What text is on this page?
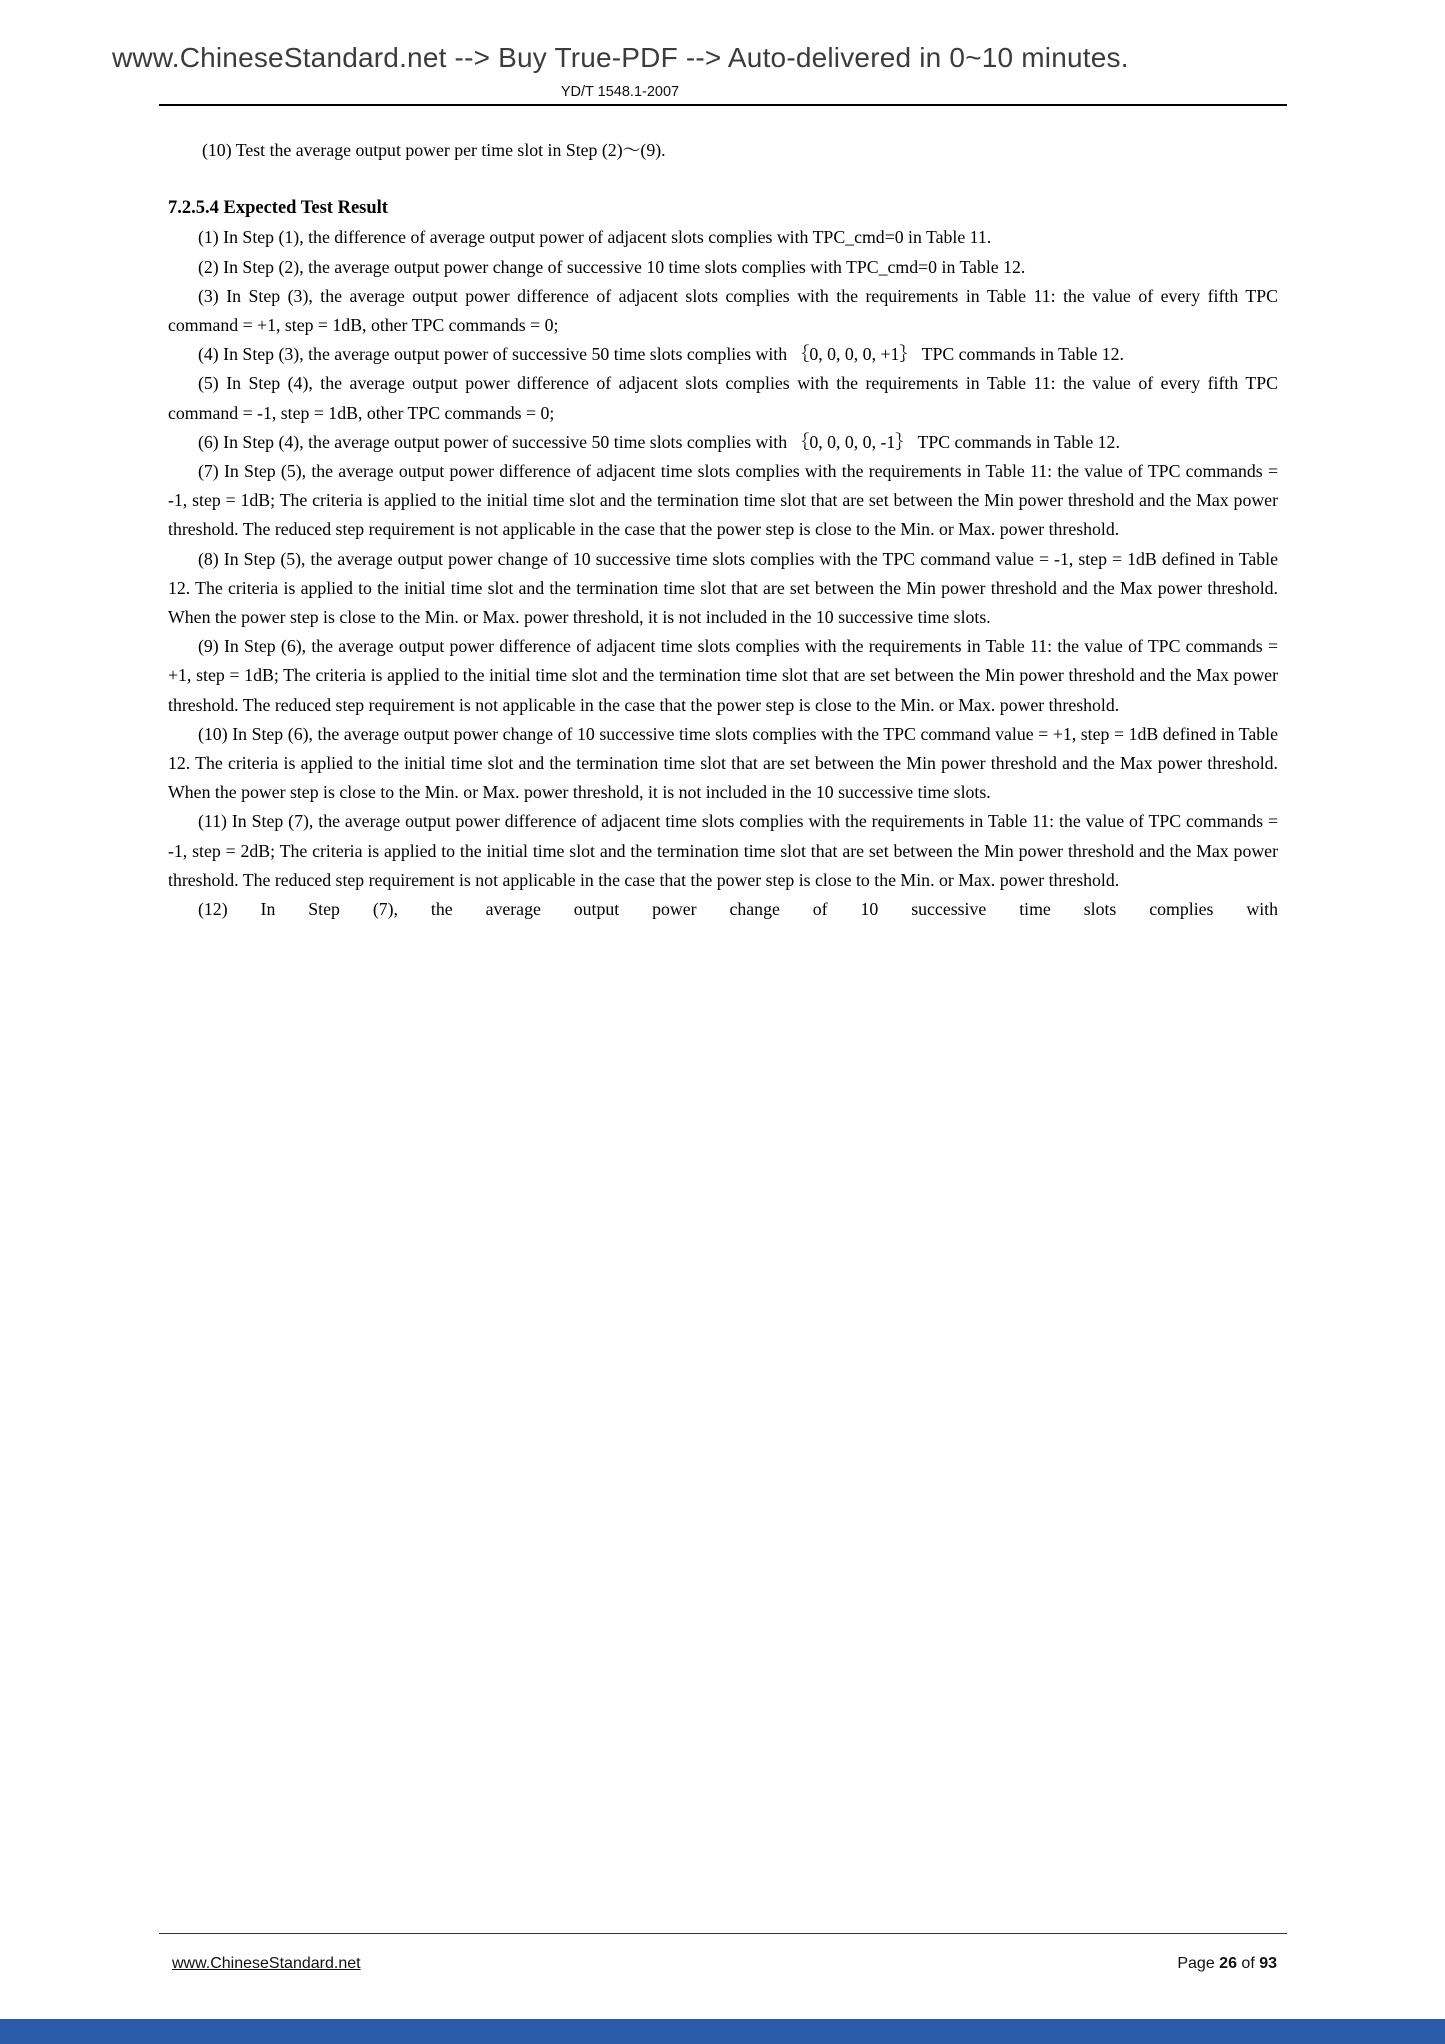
www.ChineseStandard.net --> Buy True-PDF --> Auto-delivered in 0~10 minutes.
YD/T 1548.1-2007

(10) Test the average output power per time slot in Step (2)～(9).

7.2.5.4 Expected Test Result

(1) In Step (1), the difference of average output power of adjacent slots complies with TPC_cmd=0 in Table 11.

(2) In Step (2), the average output power change of successive 10 time slots complies with TPC_cmd=0 in Table 12.

(3) In Step (3), the average output power difference of adjacent slots complies with the requirements in Table 11: the value of every fifth TPC command = +1, step = 1dB, other TPC commands = 0;

(4) In Step (3), the average output power of successive 50 time slots complies with ｛0, 0, 0, 0, +1｝ TPC commands in Table 12.

(5) In Step (4), the average output power difference of adjacent slots complies with the requirements in Table 11: the value of every fifth TPC command = -1, step = 1dB, other TPC commands = 0;

(6) In Step (4), the average output power of successive 50 time slots complies with ｛0, 0, 0, 0, -1｝ TPC commands in Table 12.

(7) In Step (5), the average output power difference of adjacent time slots complies with the requirements in Table 11: the value of TPC commands = -1, step = 1dB; The criteria is applied to the initial time slot and the termination time slot that are set between the Min power threshold and the Max power threshold. The reduced step requirement is not applicable in the case that the power step is close to the Min. or Max. power threshold.

(8) In Step (5), the average output power change of 10 successive time slots complies with the TPC command value = -1, step = 1dB defined in Table 12. The criteria is applied to the initial time slot and the termination time slot that are set between the Min power threshold and the Max power threshold. When the power step is close to the Min. or Max. power threshold, it is not included in the 10 successive time slots.

(9) In Step (6), the average output power difference of adjacent time slots complies with the requirements in Table 11: the value of TPC commands = +1, step = 1dB; The criteria is applied to the initial time slot and the termination time slot that are set between the Min power threshold and the Max power threshold. The reduced step requirement is not applicable in the case that the power step is close to the Min. or Max. power threshold.

(10) In Step (6), the average output power change of 10 successive time slots complies with the TPC command value = +1, step = 1dB defined in Table 12. The criteria is applied to the initial time slot and the termination time slot that are set between the Min power threshold and the Max power threshold. When the power step is close to the Min. or Max. power threshold, it is not included in the 10 successive time slots.

(11) In Step (7), the average output power difference of adjacent time slots complies with the requirements in Table 11: the value of TPC commands = -1, step = 2dB; The criteria is applied to the initial time slot and the termination time slot that are set between the Min power threshold and the Max power threshold. The reduced step requirement is not applicable in the case that the power step is close to the Min. or Max. power threshold.

(12) In Step (7), the average output power change of 10 successive time slots complies with

www.ChineseStandard.net	Page 26 of 93
